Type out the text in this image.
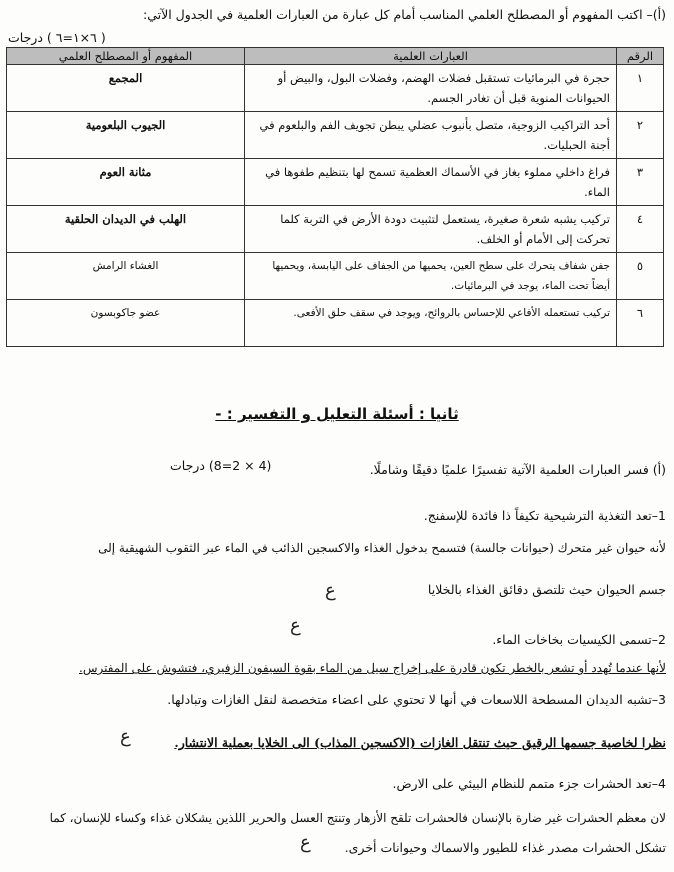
(أ)– اكتب المفهوم أو المصطلح العلمي المناسب أمام كل عبارة من العبارات العلمية في الجدول الآتي:
( ٦×١=٦ ) درجات
الرقم	العبارات العلمية	المفهوم أو المصطلح العلمي
١	حجرة في البرمائيات تستقبل فضلات الهضم، وفضلات البول، والبيض أو الحيوانات المنوية قبل أن تغادر الجسم.	المجمع
٢	أحد التراكيب الزوجية، متصل بأنبوب عضلي يبطن تجويف الفم والبلعوم في أجنة الحبليات.	الجيوب البلعومية
٣	فراغ داخلي مملوء بغاز في الأسماك العظمية تسمح لها بتنظيم طفوها في الماء.	مثانة العوم
٤	تركيب يشبه شعرة صغيرة، يستعمل لتثبيت دودة الأرض في التربة كلما تحركت إلى الأمام أو الخلف.	الهلب في الديدان الحلقية
٥	جفن شفاف يتحرك على سطح العين، يحميها من الجفاف على اليابسة، ويحميها أيضاً تحت الماء، يوجد في البرمائيات.	الغشاء الرامش
٦	تركيب تستعمله الأفاعي للإحساس بالروائح، ويوجد في سقف حلق الأفعى.	عضو جاكوبسون
ثانيا : أسئلة التعليل و التفسير : -
(أ) فسر العبارات العلمية الآتية تفسيرًا علميًا دقيقًا وشاملًا.
(4 × 2=8) درجات
1–تعد التغذية الترشيحية تكيفاً ذا فائدة للإسفنج.
لأنه حيوان غير متحرك (حيوانات جالسة) فتسمح بدخول الغذاء والاكسجين الذائب في الماء عبر الثقوب الشهيقية إلى
جسم الحيوان حيث تلتصق دقائق الغذاء بالخلايا
ع
ع
2–تسمى الكيسيات بخاخات الماء.
لأنها عندما تُهدد أو تشعر بالخطر تكون قادرة على إخراج سيل من الماء بقوة السيفون الزفيري، فتشوش على المفترس.
3–تشبه الديدان المسطحة اللاسعات في أنها لا تحتوي على اعضاء متخصصة لنقل الغازات وتبادلها.
نظرا لخاصية جسمها الرقيق حيث تنتقل الغازات (الاكسجين المذاب) الى الخلايا بعملية الانتشار.
ع
4–تعد الحشرات جزء متمم للنظام البيئي على الارض.
لان معظم الحشرات غير ضارة بالإنسان فالحشرات تلقح الأزهار وتنتج العسل والحرير اللذين يشكلان غذاء وكساء للإنسان، كما
تشكل الحشرات مصدر غذاء للطيور والاسماك وحيوانات أخرى.
ع
